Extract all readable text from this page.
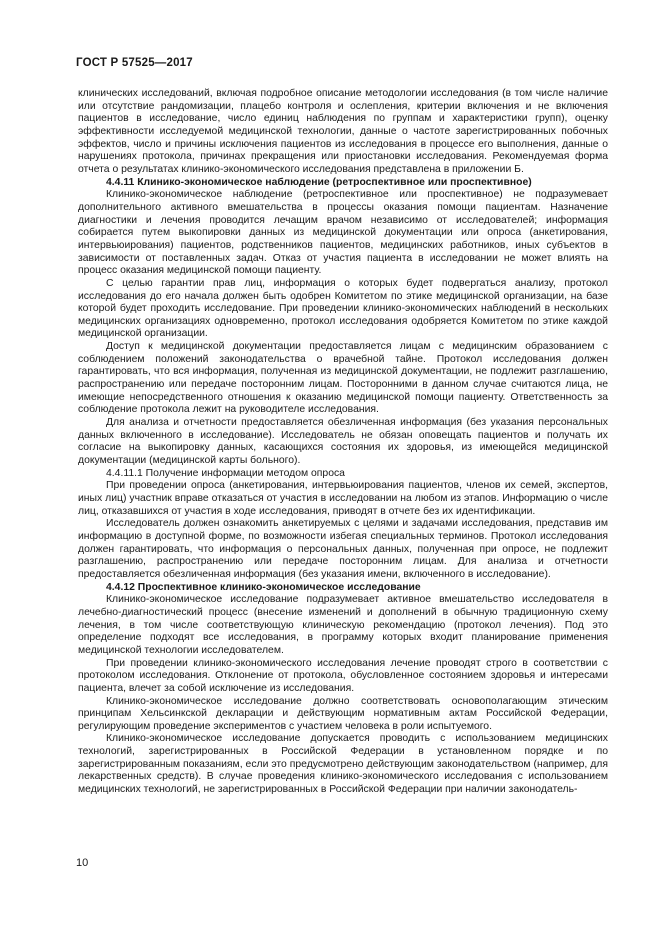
ГОСТ Р 57525—2017

клинических исследований, включая подробное описание методологии исследования (в том числе наличие или отсутствие рандомизации, плацебо контроля и ослепления, критерии включения и не включения пациентов в исследование, число единиц наблюдения по группам и характеристики групп), оценку эффективности исследуемой медицинской технологии, данные о частоте зарегистрированных побочных эффектов, число и причины исключения пациентов из исследования в процессе его выполнения, данные о нарушениях протокола, причинах прекращения или приостановки исследования. Рекомендуемая форма отчета о результатах клинико-экономического исследования представлена в приложении Б.

4.4.11 Клинико-экономическое наблюдение (ретроспективное или проспективное)

Клинико-экономическое наблюдение (ретроспективное или проспективное) не подразумевает дополнительного активного вмешательства в процессы оказания помощи пациентам. Назначение диагностики и лечения проводится лечащим врачом независимо от исследователей; информация собирается путем выкопировки данных из медицинской документации или опроса (анкетирования, интервьюирования) пациентов, родственников пациентов, медицинских работников, иных субъектов в зависимости от поставленных задач. Отказ от участия пациента в исследовании не может влиять на процесс оказания медицинской помощи пациенту.

С целью гарантии прав лиц, информация о которых будет подвергаться анализу, протокол исследования до его начала должен быть одобрен Комитетом по этике медицинской организации, на базе которой будет проходить исследование. При проведении клинико-экономических наблюдений в нескольких медицинских организациях одновременно, протокол исследования одобряется Комитетом по этике каждой медицинской организации.

Доступ к медицинской документации предоставляется лицам с медицинским образованием с соблюдением положений законодательства о врачебной тайне. Протокол исследования должен гарантировать, что вся информация, полученная из медицинской документации, не подлежит разглашению, распространению или передаче посторонним лицам. Посторонними в данном случае считаются лица, не имеющие непосредственного отношения к оказанию медицинской помощи пациенту. Ответственность за соблюдение протокола лежит на руководителе исследования.

Для анализа и отчетности предоставляется обезличенная информация (без указания персональных данных включенного в исследование). Исследователь не обязан оповещать пациентов и получать их согласие на выкопировку данных, касающихся состояния их здоровья, из имеющейся медицинской документации (медицинской карты больного).

4.4.11.1 Получение информации методом опроса

При проведении опроса (анкетирования, интервьюирования пациентов, членов их семей, экспертов, иных лиц) участник вправе отказаться от участия в исследовании на любом из этапов. Информацию о числе лиц, отказавшихся от участия в ходе исследования, приводят в отчете без их идентификации.

Исследователь должен ознакомить анкетируемых с целями и задачами исследования, представив им информацию в доступной форме, по возможности избегая специальных терминов. Протокол исследования должен гарантировать, что информация о персональных данных, полученная при опросе, не подлежит разглашению, распространению или передаче посторонним лицам. Для анализа и отчетности предоставляется обезличенная информация (без указания имени, включенного в исследование).

4.4.12 Проспективное клинико-экономическое исследование

Клинико-экономическое исследование подразумевает активное вмешательство исследователя в лечебно-диагностический процесс (внесение изменений и дополнений в обычную традиционную схему лечения, в том числе соответствующую клиническую рекомендацию (протокол лечения). Под это определение подходят все исследования, в программу которых входит планирование применения медицинской технологии исследователем.

При проведении клинико-экономического исследования лечение проводят строго в соответствии с протоколом исследования. Отклонение от протокола, обусловленное состоянием здоровья и интересами пациента, влечет за собой исключение из исследования.

Клинико-экономическое исследование должно соответствовать основополагающим этическим принципам Хельсинкской декларации и действующим нормативным актам Российской Федерации, регулирующим проведение экспериментов с участием человека в роли испытуемого.

Клинико-экономическое исследование допускается проводить с использованием медицинских технологий, зарегистрированных в Российской Федерации в установленном порядке и по зарегистрированным показаниям, если это предусмотрено действующим законодательством (например, для лекарственных средств). В случае проведения клинико-экономического исследования с использованием медицинских технологий, не зарегистрированных в Российской Федерации при наличии законодатель-

10
